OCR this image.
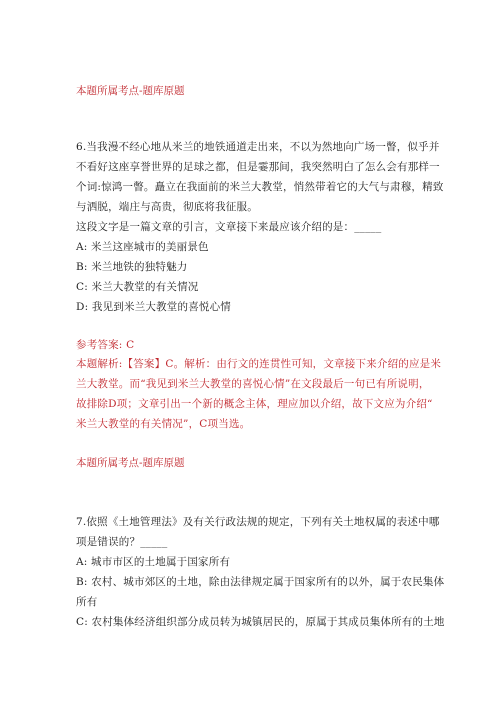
本题所属考点-题库原题
6.当我漫不经心地从米兰的地铁通道走出来，不以为然地向广场一瞥，似乎并
不看好这座享誉世界的足球之都，但是霎那间，我突然明白了怎么会有那样一
个词:惊鸿一瞥。矗立在我面前的米兰大教堂，悄然带着它的大气与肃穆，精致
与洒脱，端庄与高贵，彻底将我征服。
这段文字是一篇文章的引言，文章接下来最应该介绍的是：_____
A: 米兰这座城市的美丽景色
B: 米兰地铁的独特魅力
C: 米兰大教堂的有关情况
D: 我见到米兰大教堂的喜悦心情
参考答案: C
本题解析:【答案】C。解析：由行文的连贯性可知，文章接下来介绍的应是米
兰大教堂。而“我见到米兰大教堂的喜悦心情”在文段最后一句已有所说明，
故排除D项；文章引出一个新的概念主体，理应加以介绍，故下文应为介绍“
米兰大教堂的有关情况”，C项当选。
本题所属考点-题库原题
7.依照《土地管理法》及有关行政法规的规定，下列有关土地权属的表述中哪
项是错误的？_____
A: 城市市区的土地属于国家所有
B: 农村、城市郊区的土地，除由法律规定属于国家所有的以外，属于农民集体
所有
C: 农村集体经济组织部分成员转为城镇居民的，原属于其成员集体所有的土地
